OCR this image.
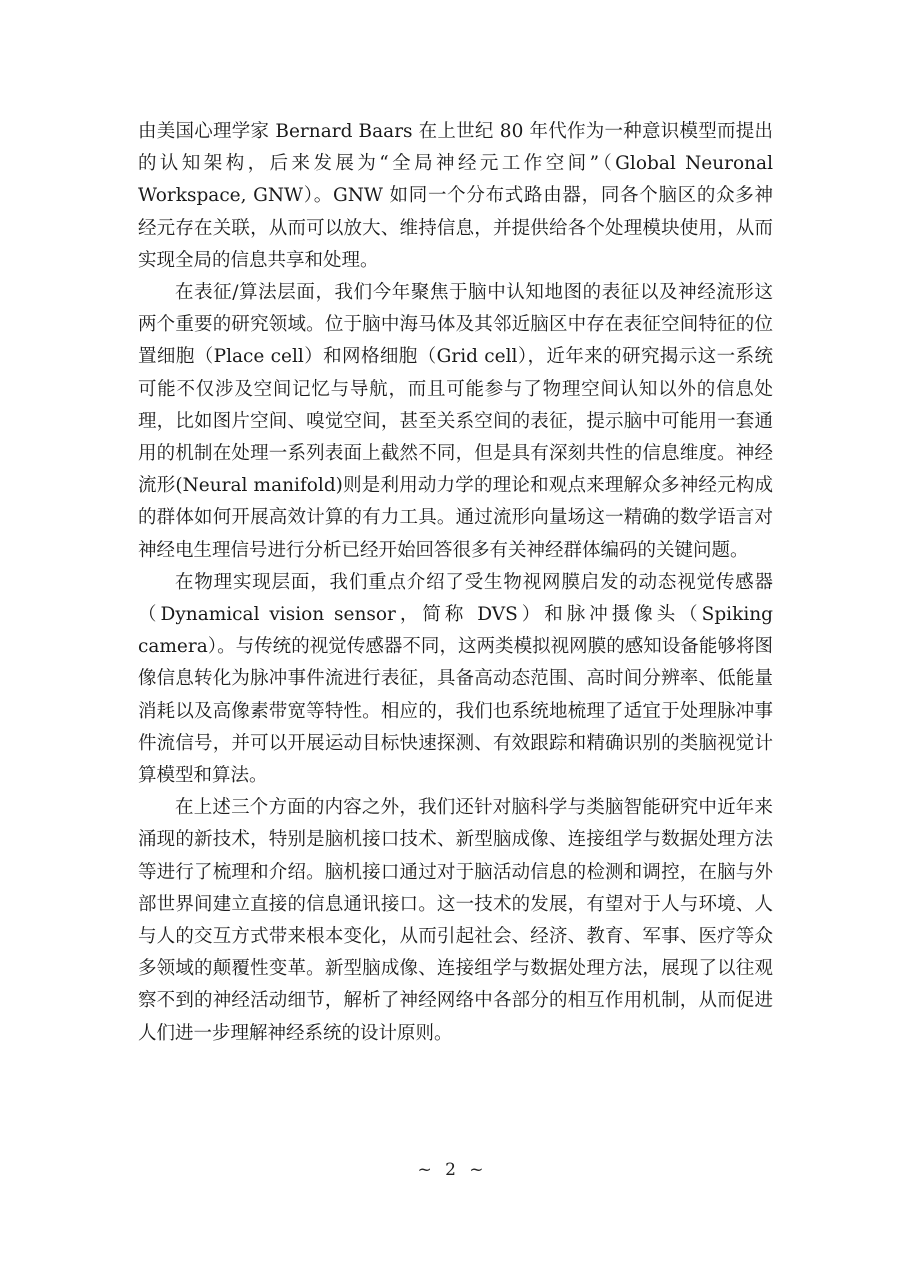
由美国心理学家 Bernard Baars 在上世纪 80 年代作为一种意识模型而提出的认知架构，后来发展为“全局神经元工作空间”（Global Neuronal Workspace, GNW）。GNW 如同一个分布式路由器，同各个脑区的众多神经元存在关联，从而可以放大、维持信息，并提供给各个处理模块使用，从而实现全局的信息共享和处理。

在表征/算法层面，我们今年聚焦于脑中认知地图的表征以及神经流形这两个重要的研究领域。位于脑中海马体及其邻近脑区中存在表征空间特征的位置细胞（Place cell）和网格细胞（Grid cell），近年来的研究揭示这一系统可能不仅涉及空间记忆与导航，而且可能参与了物理空间认知以外的信息处理，比如图片空间、嗅觉空间，甚至关系空间的表征，提示脑中可能用一套通用的机制在处理一系列表面上截然不同，但是具有深刻共性的信息维度。神经流形(Neural manifold)则是利用动力学的理论和观点来理解众多神经元构成的群体如何开展高效计算的有力工具。通过流形向量场这一精确的数学语言对神经电生理信号进行分析已经开始回答很多有关神经群体编码的关键问题。

在物理实现层面，我们重点介绍了受生物视网膜启发的动态视觉传感器（Dynamical vision sensor，简称 DVS）和脉冲摄像头（Spiking camera）。与传统的视觉传感器不同，这两类模拟视网膜的感知设备能够将图像信息转化为脉冲事件流进行表征，具备高动态范围、高时间分辨率、低能量消耗以及高像素带宽等特性。相应的，我们也系统地梳理了适宜于处理脉冲事件流信号，并可以开展运动目标快速探测、有效跟踪和精确识别的类脑视觉计算模型和算法。

在上述三个方面的内容之外，我们还针对脑科学与类脑智能研究中近年来涌现的新技术，特别是脑机接口技术、新型脑成像、连接组学与数据处理方法等进行了梳理和介绍。脑机接口通过对于脑活动信息的检测和调控，在脑与外部世界间建立直接的信息通讯接口。这一技术的发展，有望对于人与环境、人与人的交互方式带来根本变化，从而引起社会、经济、教育、军事、医疗等众多领域的颠覆性变革。新型脑成像、连接组学与数据处理方法，展现了以往观察不到的神经活动细节，解析了神经网络中各部分的相互作用机制，从而促进人们进一步理解神经系统的设计原则。

~ 2 ~
